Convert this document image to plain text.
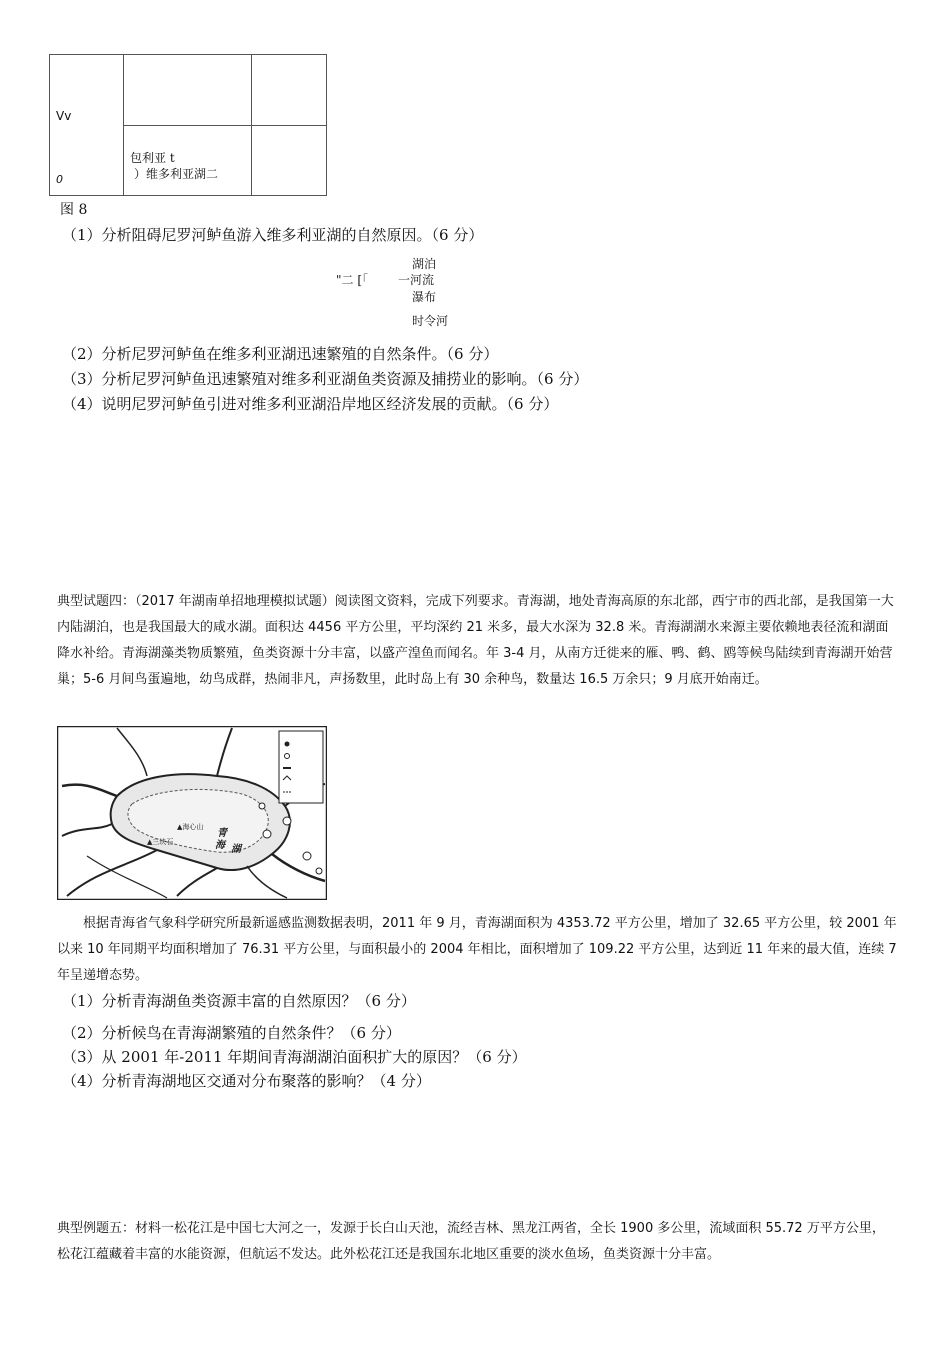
Vv
0
包利亚 t
）维多利亚湖二
图 8
（1）分析阻碍尼罗河鲈鱼游入维多利亚湖的自然原因。（6 分）
湖泊
"二 [「 一河流
瀑布
时令河
（2）分析尼罗河鲈鱼在维多利亚湖迅速繁殖的自然条件。（6 分）
（3）分析尼罗河鲈鱼迅速繁殖对维多利亚湖鱼类资源及捕捞业的影响。（6 分）
（4）说明尼罗河鲈鱼引进对维多利亚湖沿岸地区经济发展的贡献。（6 分）
典型试题四：（2017 年湖南单招地理模拟试题）阅读图文资料，完成下列要求。青海湖，地处青海高原的东北部，西宁市的西北部，是我国第一大内陆湖泊，也是我国最大的咸水湖。面积达 4456 平方公里，平均深约 21 米多，最大水深为 32.8 米。青海湖湖水来源主要依赖地表径流和湖面降水补给。青海湖藻类物质繁殖，鱼类资源十分丰富，以盛产湟鱼而闻名。年 3-4 月，从南方迁徙来的雁、鸭、鹤、鸥等候鸟陆续到青海湖开始营巢；5-6 月间鸟蛋遍地，幼鸟成群，热闹非凡，声扬数里，此时岛上有 30 余种鸟，数量达 16.5 万余只；9 月底开始南迁。
▲海心山
▲三块石
青
海 湖
根据青海省气象科学研究所最新遥感监测数据表明，2011 年 9 月，青海湖面积为 4353.72 平方公里，增加了 32.65 平方公里，较 2001 年以来 10 年同期平均面积增加了 76.31 平方公里，与面积最小的 2004 年相比，面积增加了 109.22 平方公里，达到近 11 年来的最大值，连续 7 年呈递增态势。
（1）分析青海湖鱼类资源丰富的自然原因？（6 分）
（2）分析候鸟在青海湖繁殖的自然条件？（6 分）
（3）从 2001 年-2011 年期间青海湖湖泊面积扩大的原因？（6 分）
（4）分析青海湖地区交通对分布聚落的影响？（4 分）
典型例题五：材料一松花江是中国七大河之一，发源于长白山天池，流经吉林、黑龙江两省，全长 1900 多公里，流域面积 55.72 万平方公里，松花江蕴藏着丰富的水能资源，但航运不发达。此外松花江还是我国东北地区重要的淡水鱼场，鱼类资源十分丰富。
